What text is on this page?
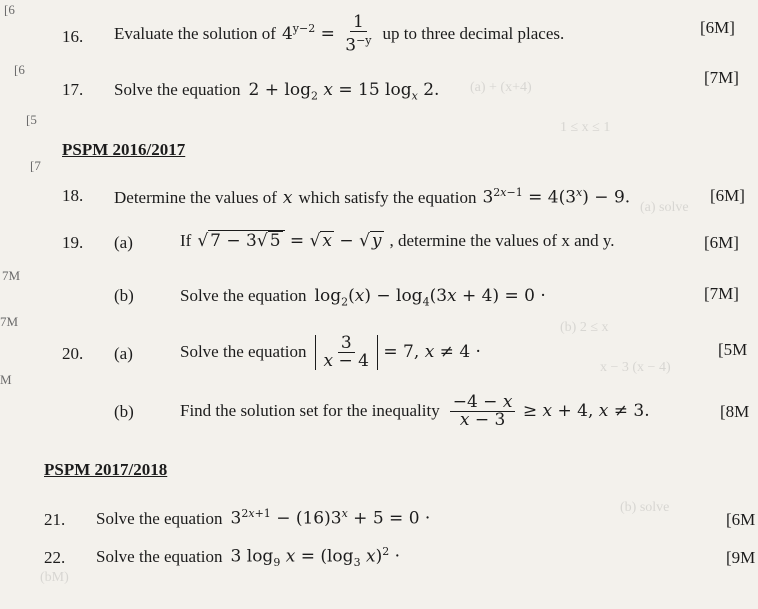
(a) + (x+4)
1 ≤ x ≤ 1
(a) solve
(b) 2 ≤ x
x − 3 (x − 4)
(b) solve
(bM)
[6
[6
[5
[7
7M
7M
M
16. Evaluate the solution of $4^{y-2} = \frac{1}{3^{-y}}$ up to three decimal places.	[6M]
17. Solve the equation $2 + \log_2 x = 15$ $\log_x 2$.
[7M]
PSPM 2016/2017
18. Determine the values of x which satisfy the equation $3^{2x-1} = 4(3^x) - 9$.	[6M]
19. (a)	If √ 7 − 3√ 5 = √ x − √ y , determine the values of x and y.	[6M]
(b)	Solve the equation $\log_2(x) - \log_4(3x + 4) = 0$ ·	[7M]
20. (a)	Solve the equation $\frac{3}{x - 4} = 7$, x ≠ 4 ·	[5M
(b)	Find the solution set for the inequality $\frac{-4 - x}{x - 3} \ge x + 4$, x ≠ 3.	[8M
PSPM 2017/2018
21. Solve the equation $3^{2x+1} - (16)3^x + 5 = 0$ ·	[6M
22. Solve the equation 3 $\log_9 x = (\log_3$ x)$^2$ ·	[9M
